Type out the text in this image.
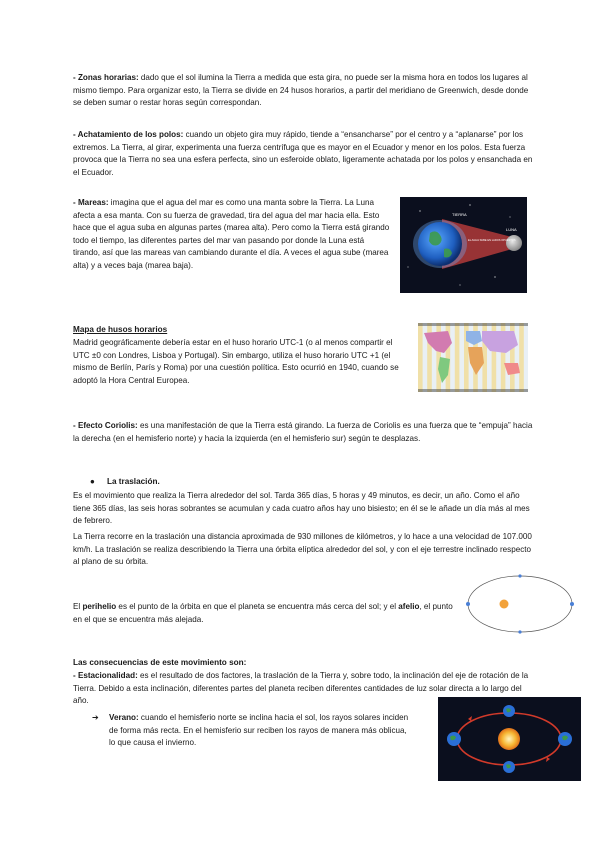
- Zonas horarias: dado que el sol ilumina la Tierra a medida que esta gira, no puede ser la misma hora en todos los lugares al mismo tiempo. Para organizar esto, la Tierra se divide en 24 husos horarios, a partir del meridiano de Greenwich, desde donde se deben sumar o restar horas según correspondan.

- Achatamiento de los polos: cuando un objeto gira muy rápido, tiende a “ensancharse” por el centro y a “aplanarse” por los extremos. La Tierra, al girar, experimenta una fuerza centrífuga que es mayor en el Ecuador y menor en los polos. Esta fuerza provoca que la Tierra no sea una esfera perfecta, sino un esferoide oblato, ligeramente achatada por los polos y ensanchada en el Ecuador.

- Mareas: imagina que el agua del mar es como una manta sobre la Tierra. La Luna afecta a esa manta. Con su fuerza de gravedad, tira del agua del mar hacia ella. Esto hace que el agua suba en algunas partes (marea alta). Pero como la Tierra está girando todo el tiempo, las diferentes partes del mar van pasando por donde la Luna está tirando, así que las mareas van cambiando durante el día. A veces el agua sube (marea alta) y a veces baja (marea baja).

TIERRA
LUNA
EL AGUA SUBE EN LADOS OPUESTOS

Mapa de husos horarios

Madrid geográficamente debería estar en el huso horario UTC-1 (o al menos compartir el UTC ±0 con Londres, Lisboa y Portugal). Sin embargo, utiliza el huso horario UTC +1 (el mismo de Berlín, París y Roma) por una cuestión política. Esto ocurrió en 1940, cuando se adoptó la Hora Central Europea.

- Efecto Coriolis: es una manifestación de que la Tierra está girando. La fuerza de Coriolis es una fuerza que te “empuja” hacia la derecha (en el hemisferio norte) y hacia la izquierda (en el hemisferio sur) según te desplazas.

● La traslación.

Es el movimiento que realiza la Tierra alrededor del sol. Tarda 365 días, 5 horas y 49 minutos, es decir, un año. Como el año tiene 365 días, las seis horas sobrantes se acumulan y cada cuatro años hay uno bisiesto; en él se le añade un día más al mes de febrero.

La Tierra recorre en la traslación una distancia aproximada de 930 millones de kilómetros, y lo hace a una velocidad de 107.000 km/h. La traslación se realiza describiendo la Tierra una órbita elíptica alrededor del sol, y con el eje terrestre inclinado respecto al plano de su órbita.

El perihelio es el punto de la órbita en que el planeta se encuentra más cerca del sol; y el afelio, el punto en el que se encuentra más alejada.

Las consecuencias de este movimiento son:

- Estacionalidad: es el resultado de dos factores, la traslación de la Tierra y, sobre todo, la inclinación del eje de rotación de la Tierra. Debido a esta inclinación, diferentes partes del planeta reciben diferentes cantidades de luz solar directa a lo largo del año.

➔ Verano: cuando el hemisferio norte se inclina hacia el sol, los rayos solares inciden de forma más recta. En el hemisferio sur reciben los rayos de manera más oblicua, lo que causa el invierno.
